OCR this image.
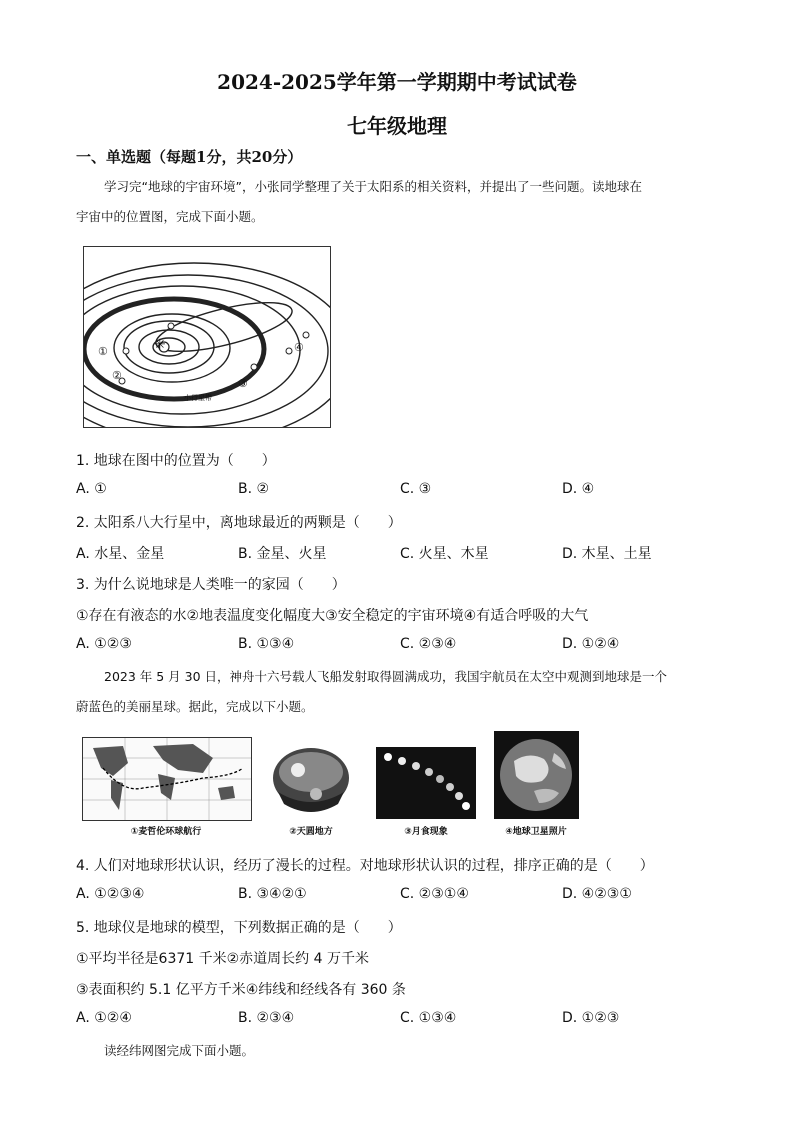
2024-2025学年第一学期期中考试试卷
七年级地理
一、单选题（每题1分，共20分）
学习完“地球的宇宙环境”，小张同学整理了关于太阳系的相关资料，并提出了一些问题。读地球在
宇宙中的位置图，完成下面小题。
✳
①
②
③
④
小行星带
1. 地球在图中的位置为（　　）
A. ①	B. ②	C. ③	D. ④
2. 太阳系八大行星中，离地球最近的两颗是（　　）
A. 水星、金星	B. 金星、火星	C. 火星、木星	D. 木星、土星
3. 为什么说地球是人类唯一的家园（　　）
①存在有液态的水②地表温度变化幅度大③安全稳定的宇宙环境④有适合呼吸的大气
A. ①②③	B. ①③④	C. ②③④	D. ①②④
2023 年 5 月 30 日，神舟十六号载人飞船发射取得圆满成功，我国宇航员在太空中观测到地球是一个
蔚蓝色的美丽星球。据此，完成以下小题。
①麦哲伦环球航行	②天圆地方	③月食现象	④地球卫星照片
4. 人们对地球形状认识，经历了漫长的过程。对地球形状认识的过程，排序正确的是（　　）
A. ①②③④	B. ③④②①	C. ②③①④	D. ④②③①
5. 地球仪是地球的模型，下列数据正确的是（　　）
①平均半径是6371 千米②赤道周长约 4 万千米
③表面积约 5.1 亿平方千米④纬线和经线各有 360 条
A. ①②④	B. ②③④	C. ①③④	D. ①②③
读经纬网图完成下面小题。
